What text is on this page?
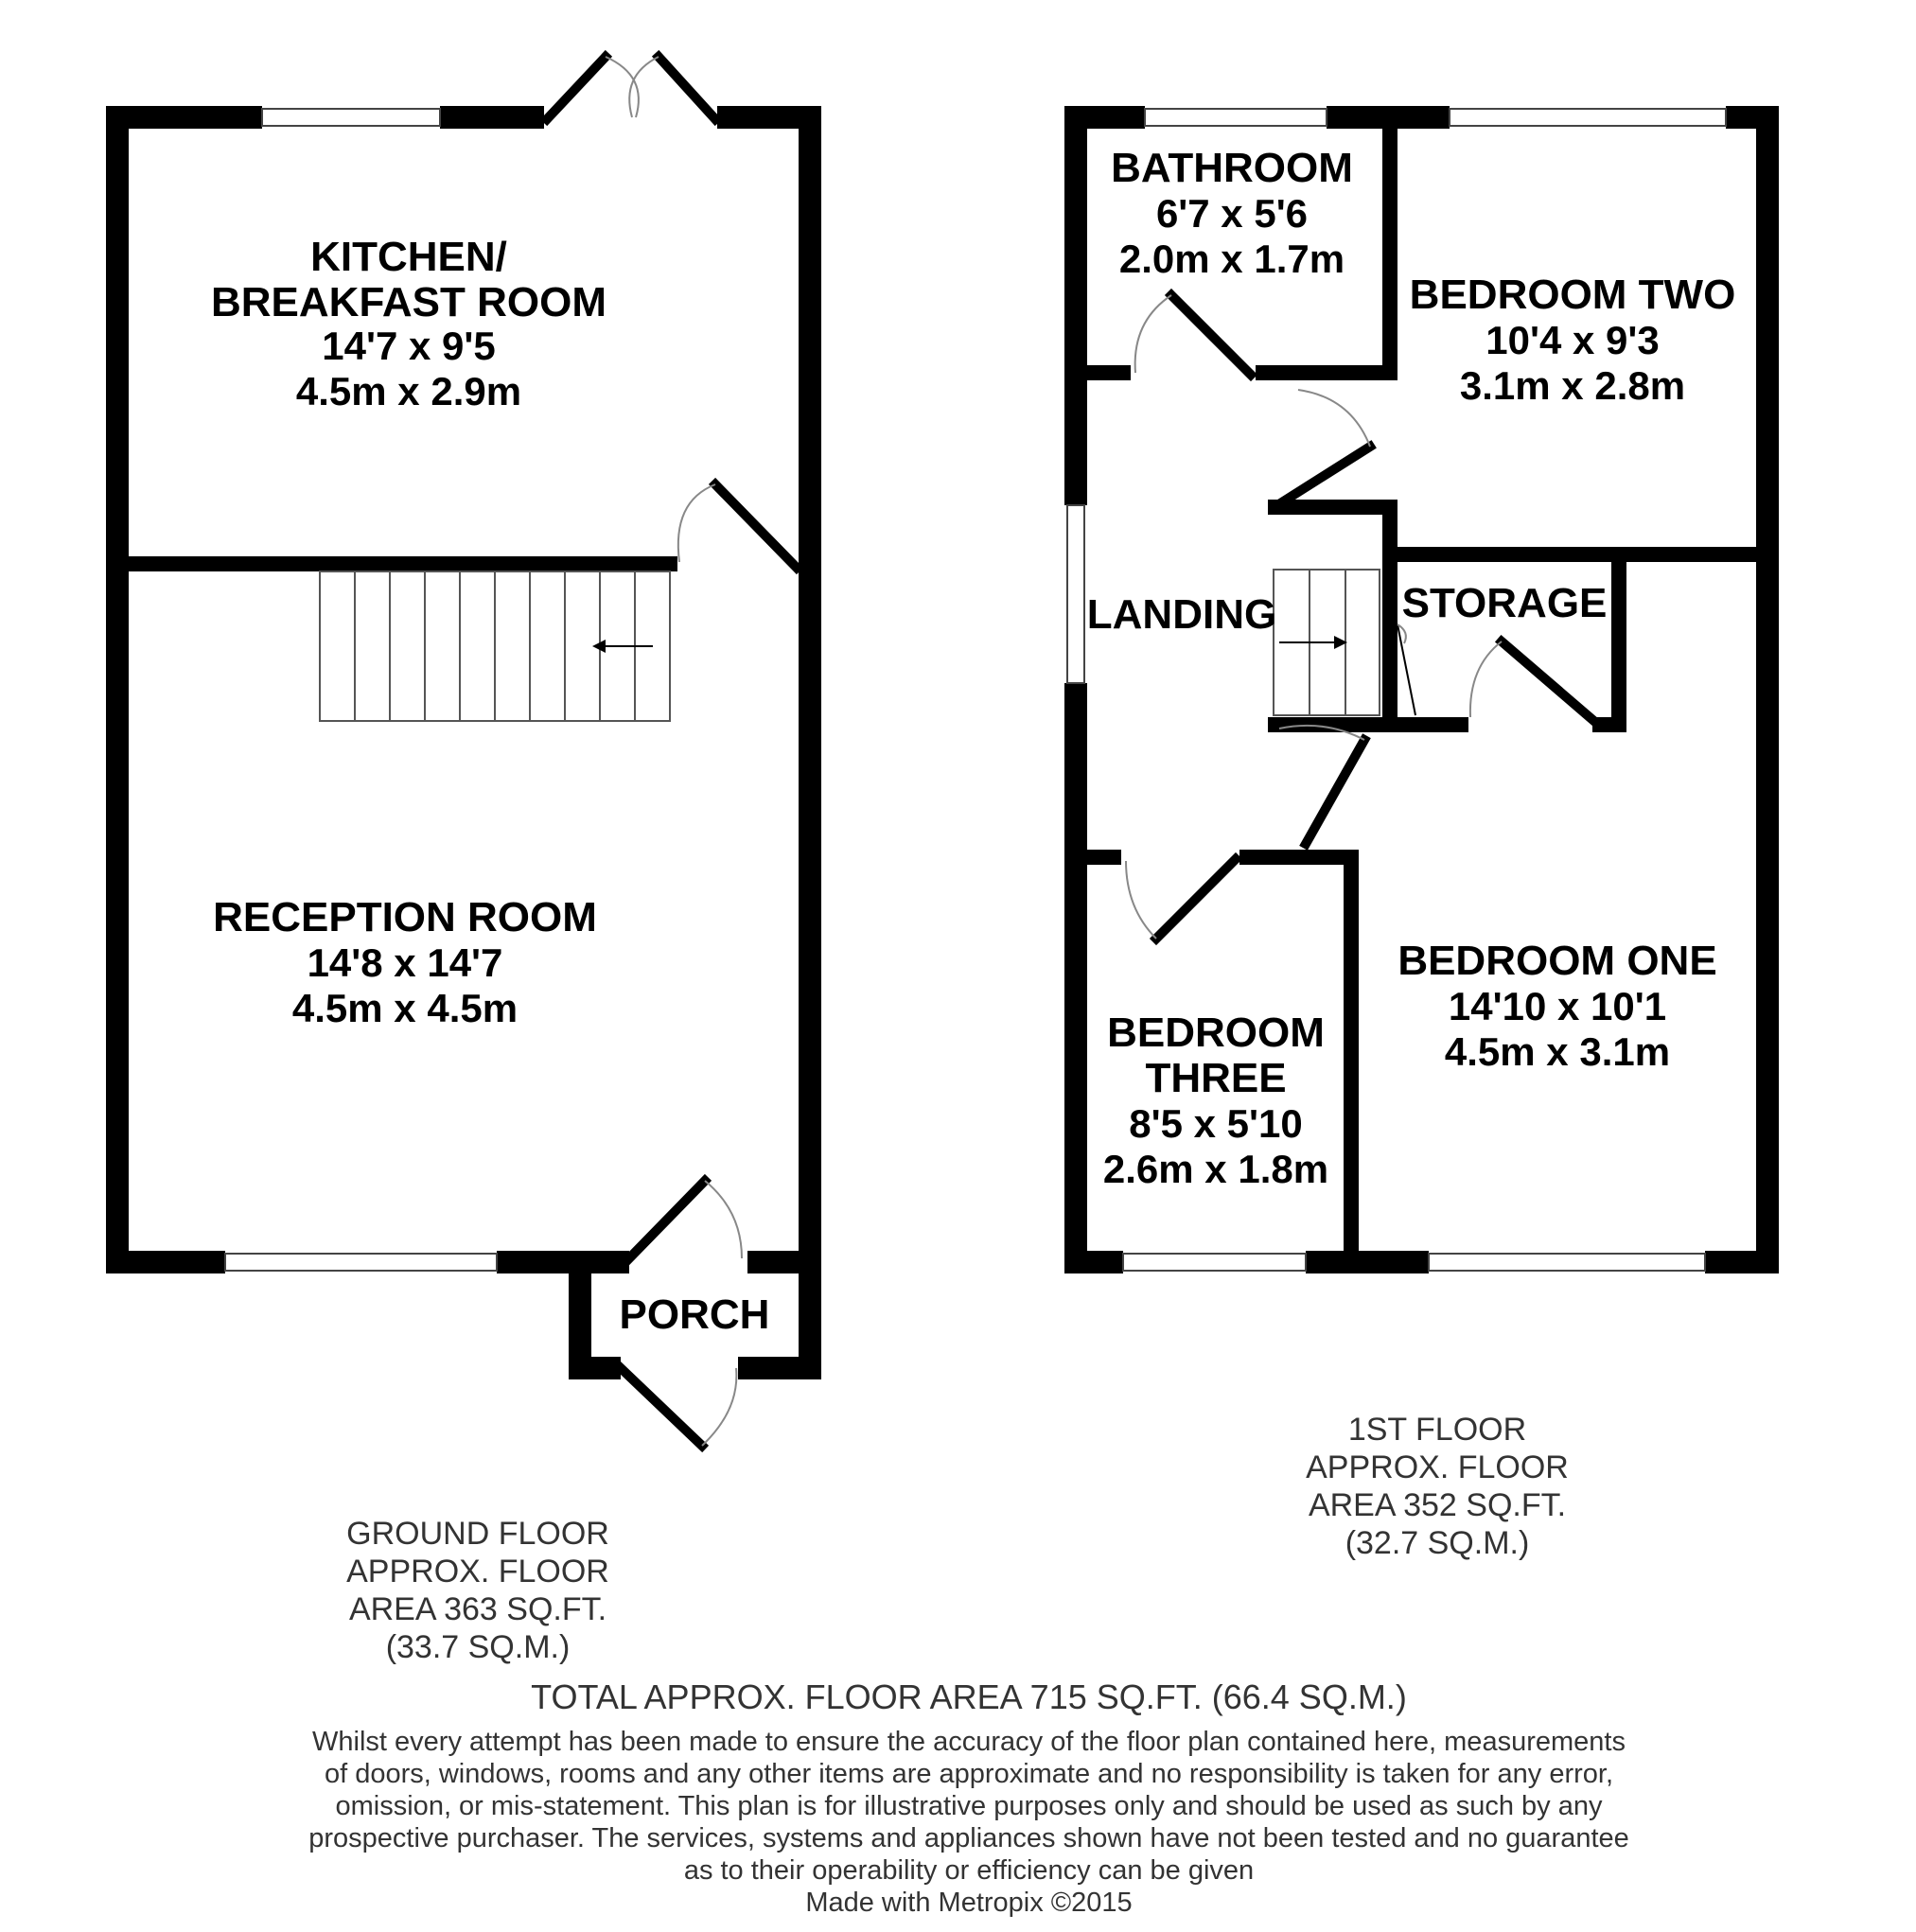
KITCHEN/
BREAKFAST ROOM
14'7 x 9'5
4.5m x 2.9m
RECEPTION ROOM
14'8 x 14'7
4.5m x 4.5m
PORCH
GROUND FLOOR
APPROX. FLOOR
AREA 363 SQ.FT.
(33.7 SQ.M.)
BATHROOM
6'7 x 5'6
2.0m x 1.7m
BEDROOM TWO
10'4 x 9'3
3.1m x 2.8m
LANDING	STORAGE
BEDROOM ONE
14'10 x 10'1
4.5m x 3.1m
BEDROOM
THREE
8'5 x 5'10
2.6m x 1.8m
1ST FLOOR
APPROX. FLOOR
AREA 352 SQ.FT.
(32.7 SQ.M.)
TOTAL APPROX. FLOOR AREA 715 SQ.FT. (66.4 SQ.M.)
Whilst every attempt has been made to ensure the accuracy of the floor plan contained here, measurements
of doors, windows, rooms and any other items are approximate and no responsibility is taken for any error,
omission, or mis-statement. This plan is for illustrative purposes only and should be used as such by any
prospective purchaser. The services, systems and appliances shown have not been tested and no guarantee
as to their operability or efficiency can be given
Made with Metropix ©2015
